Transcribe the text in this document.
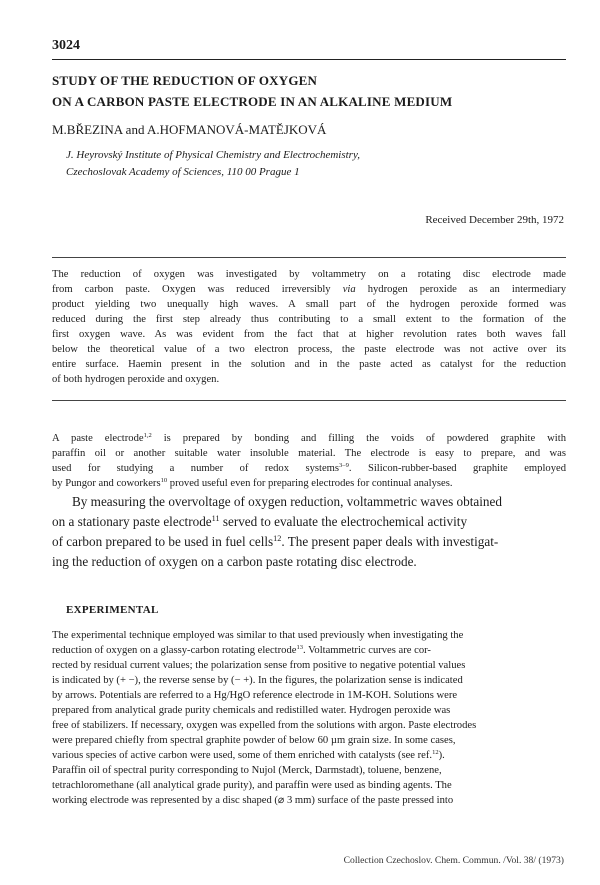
3024
STUDY OF THE REDUCTION OF OXYGEN
ON A CARBON PASTE ELECTRODE IN AN ALKALINE MEDIUM
M.BŘEZINA and A.HOFMANOVÁ-MATĚJKOVÁ
J. Heyrovský Institute of Physical Chemistry and Electrochemistry,
Czechoslovak Academy of Sciences, 110 00 Prague 1
Received December 29th, 1972
The reduction of oxygen was investigated by voltammetry on a rotating disc electrode made
from carbon paste. Oxygen was reduced irreversibly via hydrogen peroxide as an intermediary
product yielding two unequally high waves. A small part of the hydrogen peroxide formed was
reduced during the first step already thus contributing to a small extent to the formation of the
first oxygen wave. As was evident from the fact that at higher revolution rates both waves fall
below the theoretical value of a two electron process, the paste electrode was not active over its
entire surface. Haemin present in the solution and in the paste acted as catalyst for the reduction
of both hydrogen peroxide and oxygen.
A paste electrode$^{1,2}$ is prepared by bonding and filling the voids of powdered graphite with
paraffin oil or another suitable water insoluble material. The electrode is easy to prepare, and was
used for studying a number of redox systems$^{3-9}$. Silicon-rubber-based graphite employed
by Pungor and coworkers$^{10}$ proved useful even for preparing electrodes for continual analyses.
By measuring the overvoltage of oxygen reduction, voltammetric waves obtained
on a stationary paste electrode$^{11}$ served to evaluate the electrochemical activity
of carbon prepared to be used in fuel cells$^{12}$. The present paper deals with investigat-
ing the reduction of oxygen on a carbon paste rotating disc electrode.
EXPERIMENTAL
The experimental technique employed was similar to that used previously when investigating the
reduction of oxygen on a glassy-carbon rotating electrode$^{13}$. Voltammetric curves are cor-
rected by residual current values; the polarization sense from positive to negative potential values
is indicated by (+ −), the reverse sense by (− +). In the figures, the polarization sense is indicated
by arrows. Potentials are referred to a Hg/HgO reference electrode in 1M-KOH. Solutions were
prepared from analytical grade purity chemicals and redistilled water. Hydrogen peroxide was
free of stabilizers. If necessary, oxygen was expelled from the solutions with argon. Paste electrodes
were prepared chiefly from spectral graphite powder of below 60 µm grain size. In some cases,
various species of active carbon were used, some of them enriched with catalysts (see ref.$^{12}$).
Paraffin oil of spectral purity corresponding to Nujol (Merck, Darmstadt), toluene, benzene,
tetrachloromethane (all analytical grade purity), and paraffin were used as binding agents. The
working electrode was represented by a disc shaped (⌀ 3 mm) surface of the paste pressed into
Collection Czechoslov. Chem. Commun. /Vol. 38/ (1973)
